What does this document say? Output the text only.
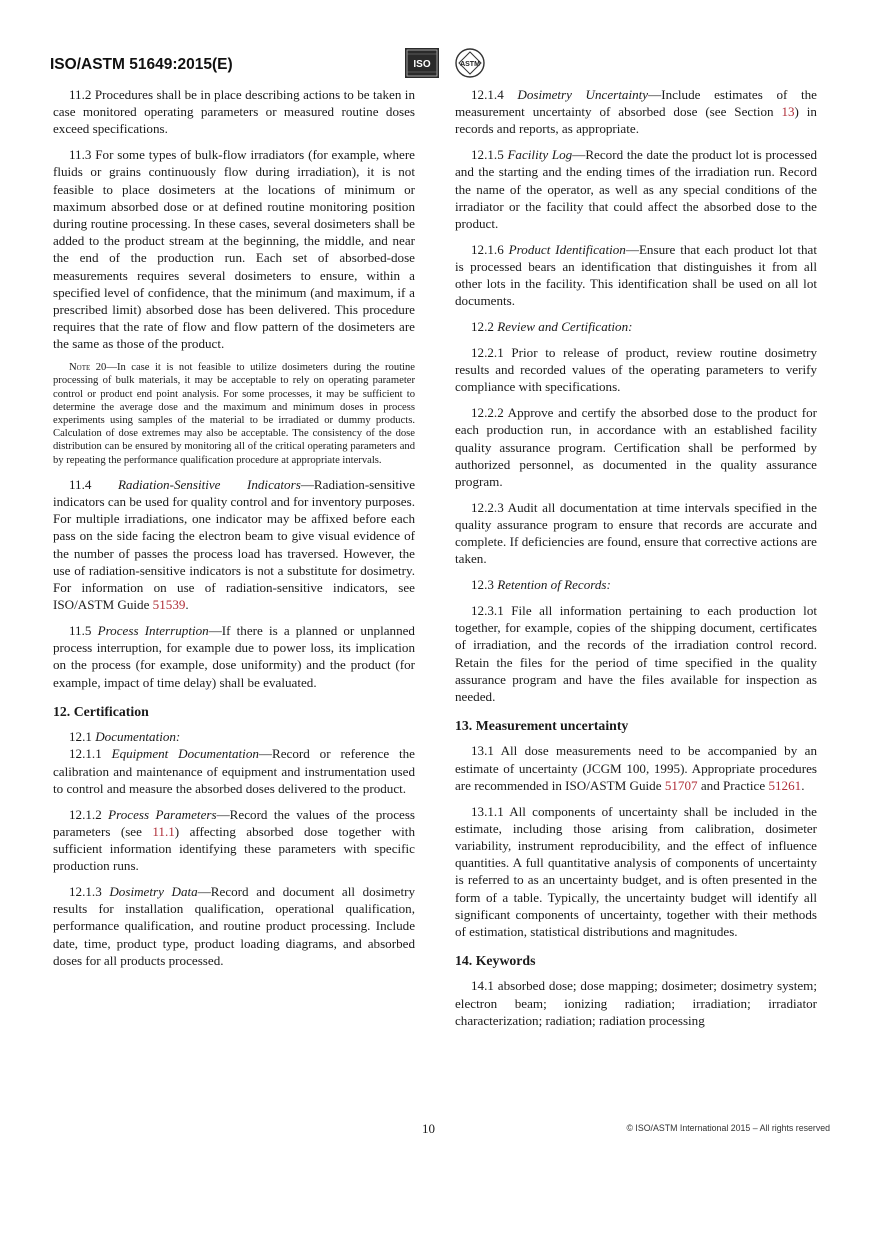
ISO/ASTM 51649:2015(E)	ISO	ASTM

11.2 Procedures shall be in place describing actions to be taken in case monitored operating parameters or measured routine doses exceed specifications.

11.3 For some types of bulk-flow irradiators (for example, where fluids or grains continuously flow during irradiation), it is not feasible to place dosimeters at the locations of minimum or maximum absorbed dose or at defined routine monitoring position during routine processing. In these cases, several dosimeters shall be added to the product stream at the beginning, the middle, and near the end of the production run. Each set of absorbed-dose measurements requires several dosimeters to ensure, within a specified level of confidence, that the minimum (and maximum, if a prescribed limit) absorbed dose has been delivered. This procedure requires that the rate of flow and flow pattern of the dosimeters are the same as those of the product.

Note 20—In case it is not feasible to utilize dosimeters during the routine processing of bulk materials, it may be acceptable to rely on operating parameter control or product end point analysis. For some processes, it may be sufficient to determine the average dose and the maximum and minimum doses in process experiments using samples of the material to be irradiated or dummy products. Calculation of dose extremes may also be acceptable. The consistency of the dose distribution can be ensured by monitoring all of the critical operating parameters and by repeating the performance qualification procedure at appropriate intervals.

11.4 Radiation-Sensitive Indicators—Radiation-sensitive indicators can be used for quality control and for inventory purposes. For multiple irradiations, one indicator may be affixed before each pass on the side facing the electron beam to give visual evidence of the number of passes the process load has traversed. However, the use of radiation-sensitive indicators is not a substitute for dosimetry. For information on use of radiation-sensitive indicators, see ISO/ASTM Guide 51539.

11.5 Process Interruption—If there is a planned or unplanned process interruption, for example due to power loss, its implication on the process (for example, dose uniformity) and the product (for example, impact of time delay) shall be evaluated.

12. Certification

12.1 Documentation:

12.1.1 Equipment Documentation—Record or reference the calibration and maintenance of equipment and instrumentation used to control and measure the absorbed doses delivered to the product.

12.1.2 Process Parameters—Record the values of the process parameters (see 11.1) affecting absorbed dose together with sufficient information identifying these parameters with specific production runs.

12.1.3 Dosimetry Data—Record and document all dosimetry results for installation qualification, operational qualification, performance qualification, and routine product processing. Include date, time, product type, product loading diagrams, and absorbed doses for all products processed.

12.1.4 Dosimetry Uncertainty—Include estimates of the measurement uncertainty of absorbed dose (see Section 13) in records and reports, as appropriate.

12.1.5 Facility Log—Record the date the product lot is processed and the starting and the ending times of the irradiation run. Record the name of the operator, as well as any special conditions of the irradiator or the facility that could affect the absorbed dose to the product.

12.1.6 Product Identification—Ensure that each product lot that is processed bears an identification that distinguishes it from all other lots in the facility. This identification shall be used on all lot documents.

12.2 Review and Certification:

12.2.1 Prior to release of product, review routine dosimetry results and recorded values of the operating parameters to verify compliance with specifications.

12.2.2 Approve and certify the absorbed dose to the product for each production run, in accordance with an established facility quality assurance program. Certification shall be performed by authorized personnel, as documented in the quality assurance program.

12.2.3 Audit all documentation at time intervals specified in the quality assurance program to ensure that records are accurate and complete. If deficiencies are found, ensure that corrective actions are taken.

12.3 Retention of Records:

12.3.1 File all information pertaining to each production lot together, for example, copies of the shipping document, certificates of irradiation, and the records of the irradiation control record. Retain the files for the period of time specified in the quality assurance program and have the files available for inspection as needed.

13. Measurement uncertainty

13.1 All dose measurements need to be accompanied by an estimate of uncertainty (JCGM 100, 1995). Appropriate procedures are recommended in ISO/ASTM Guide 51707 and Practice 51261.

13.1.1 All components of uncertainty shall be included in the estimate, including those arising from calibration, dosimeter variability, instrument reproducibility, and the effect of influence quantities. A full quantitative analysis of components of uncertainty is referred to as an uncertainty budget, and is often presented in the form of a table. Typically, the uncertainty budget will identify all significant components of uncertainty, together with their methods of estimation, statistical distributions and magnitudes.

14. Keywords

14.1 absorbed dose; dose mapping; dosimeter; dosimetry system; electron beam; ionizing radiation; irradiation; irradiator characterization; radiation; radiation processing

10	© ISO/ASTM International 2015 – All rights reserved
